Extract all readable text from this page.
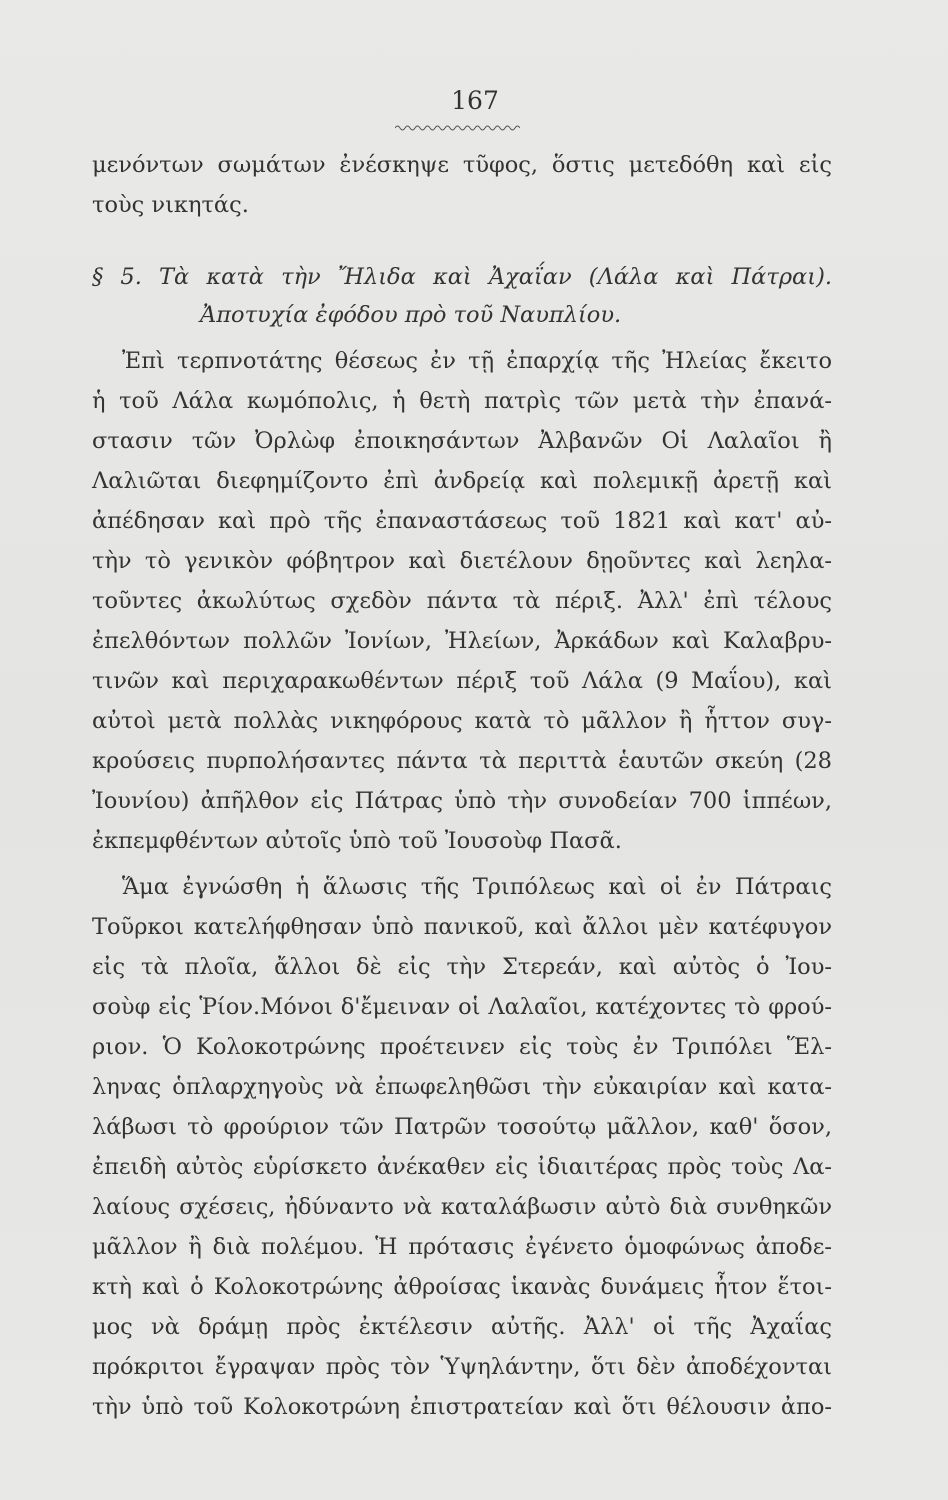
167
μενόντων σωμάτων ἐνέσκηψε τῦφος, ὅστις μετεδόθη καὶ εἰς
τοὺς νικητάς.
§ 5. Τὰ κατὰ τὴν Ἤλιδα καὶ Ἀχαΐαν (Λάλα καὶ Πάτραι).
Ἀποτυχία ἐφόδου πρὸ τοῦ Ναυπλίου.
Ἐπὶ τερπνοτάτης θέσεως ἐν τῇ ἐπαρχίᾳ τῆς Ἠλείας ἔκειτο
ἡ τοῦ Λάλα κωμόπολις, ἡ θετὴ πατρὶς τῶν μετὰ τὴν ἐπανά-
στασιν τῶν Ὀρλὼφ ἐποικησάντων Ἀλβανῶν Οἱ Λαλαῖοι ἢ
Λαλιῶται διεφημίζοντο ἐπὶ ἀνδρείᾳ καὶ πολεμικῇ ἀρετῇ καὶ
ἀπέδησαν καὶ πρὸ τῆς ἐπαναστάσεως τοῦ 1821 καὶ κατ' αὐ-
τὴν τὸ γενικὸν φόβητρον καὶ διετέλουν δῃοῦντες καὶ λεηλα-
τοῦντες ἀκωλύτως σχεδὸν πάντα τὰ πέριξ. Ἀλλ' ἐπὶ τέλους
ἐπελθόντων πολλῶν Ἰονίων, Ἠλείων, Ἀρκάδων καὶ Καλαβρυ-
τινῶν καὶ περιχαρακωθέντων πέριξ τοῦ Λάλα (9 Μαΐου), καὶ
αὐτοὶ μετὰ πολλὰς νικηφόρους κατὰ τὸ μᾶλλον ἢ ἧττον συγ-
κρούσεις πυρπολήσαντες πάντα τὰ περιττὰ ἑαυτῶν σκεύη (28
Ἰουνίου) ἀπῆλθον εἰς Πάτρας ὑπὸ τὴν συνοδείαν 700 ἱππέων,
ἐκπεμφθέντων αὐτοῖς ὑπὸ τοῦ Ἰουσοὺφ Πασᾶ.
Ἅμα ἐγνώσθη ἡ ἅλωσις τῆς Τριπόλεως καὶ οἱ ἐν Πάτραις
Τοῦρκοι κατελήφθησαν ὑπὸ πανικοῦ, καὶ ἄλλοι μὲν κατέφυγον
εἰς τὰ πλοῖα, ἄλλοι δὲ εἰς τὴν Στερεάν, καὶ αὐτὸς ὁ Ἰου-
σοὺφ εἰς Ῥίον.Μόνοι δ'ἔμειναν οἱ Λαλαῖοι, κατέχοντες τὸ φρού-
ριον. Ὁ Κολοκοτρώνης προέτεινεν εἰς τοὺς ἐν Τριπόλει Ἕλ-
ληνας ὁπλαρχηγοὺς νὰ ἐπωφεληθῶσι τὴν εὐκαιρίαν καὶ κατα-
λάβωσι τὸ φρούριον τῶν Πατρῶν τοσούτῳ μᾶλλον, καθ' ὅσον,
ἐπειδὴ αὐτὸς εὑρίσκετο ἀνέκαθεν εἰς ἰδιαιτέρας πρὸς τοὺς Λα-
λαίους σχέσεις, ἠδύναντο νὰ καταλάβωσιν αὐτὸ διὰ συνθηκῶν
μᾶλλον ἢ διὰ πολέμου. Ἡ πρότασις ἐγένετο ὁμοφώνως ἀποδε-
κτὴ καὶ ὁ Κολοκοτρώνης ἀθροίσας ἱκανὰς δυνάμεις ἦτον ἕτοι-
μος νὰ δράμῃ πρὸς ἐκτέλεσιν αὐτῆς. Ἀλλ' οἱ τῆς Ἀχαΐας
πρόκριτοι ἔγραψαν πρὸς τὸν Ὑψηλάντην, ὅτι δὲν ἀποδέχονται
τὴν ὑπὸ τοῦ Κολοκοτρώνη ἐπιστρατείαν καὶ ὅτι θέλουσιν ἀπο-
